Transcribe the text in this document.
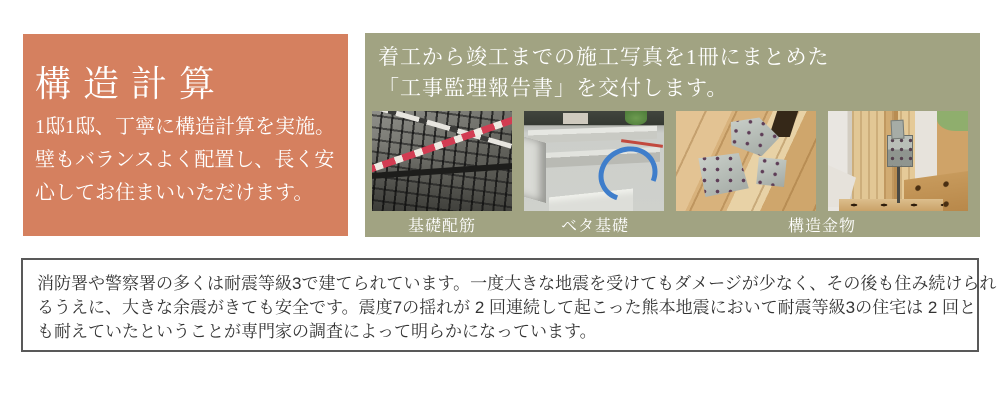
構造計算
1邸1邸、丁寧に構造計算を実施。
壁もバランスよく配置し、長く安
心してお住まいいただけます。
着工から竣工までの施工写真を1冊にまとめた
「工事監理報告書」を交付します。
基礎配筋	ベタ基礎	構造金物
消防署や警察署の多くは耐震等級3で建てられています。一度大きな地震を受けてもダメージが少なく、その後も住み続けられ
るうえに、大きな余震がきても安全です。震度7の揺れが 2 回連続して起こった熊本地震において耐震等級3の住宅は 2 回と
も耐えていたということが専門家の調査によって明らかになっています。
